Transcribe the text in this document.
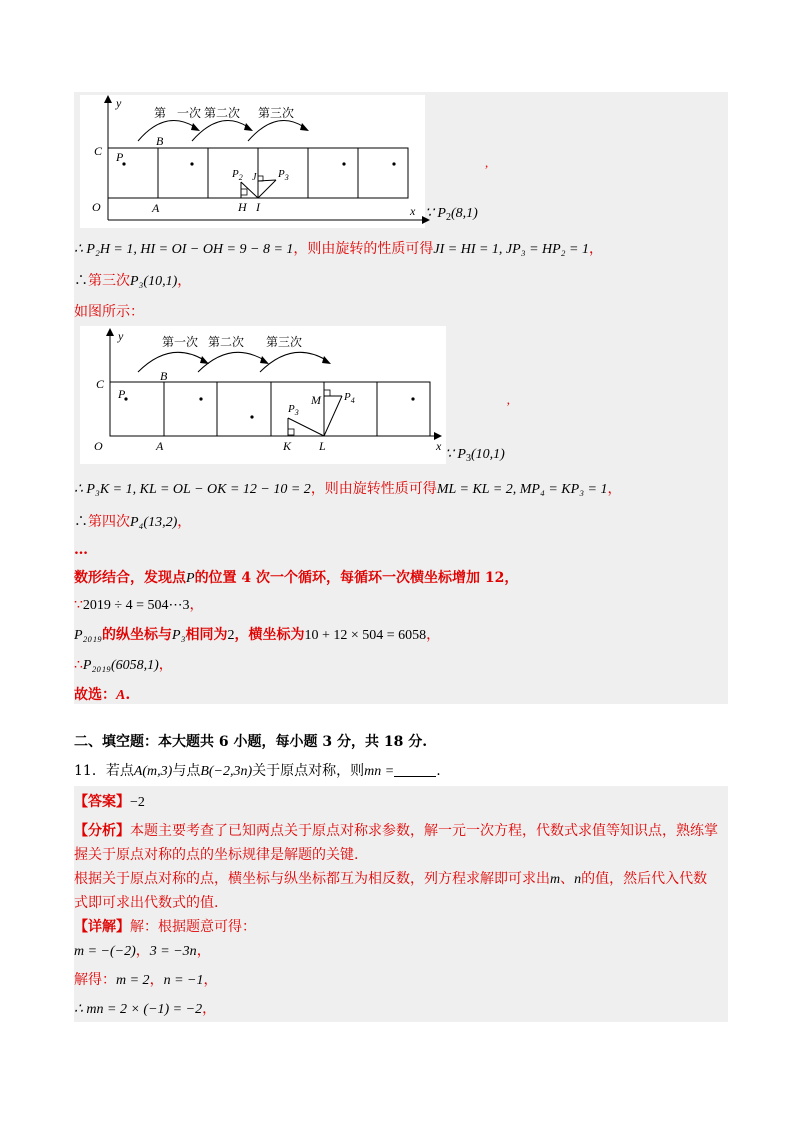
y
x
O
第 一次 第二次 第三次
C
B
A
P
$P_2$	$P_3$
J
H I
,
∵ $P_2(8,1)$
∴ P₂H = 1, HI = OI − OH = 9 − 8 = 1，则由旋转的性质可得JI = HI = 1, JP₃ = HP₂ = 1，
∴第三次P₃(10,1)，
如图所示：
y
x
O
第一次 第二次 第三次
C
B
A
P
$P_3$
$P_4$
M
K L
,
∵ $P_3(10,1)$
∴ P₃K = 1, KL = OL − OK = 12 − 10 = 2，则由旋转性质可得ML = KL = 2, MP₄ = KP₃ = 1，
∴第四次P₄(13,2)，
…
数形结合，发现点P的位置 4 次一个循环，每循环一次横坐标增加 12，
∵2019 ÷ 4 = 504⋯3，
P₂₀₁₉的纵坐标与P₃相同为2，横坐标为10 + 12 × 504 = 6058，
∴P₂₀₁₉(6058,1)，
故选：A.
二、填空题：本大题共 6 小题，每小题 3 分，共 18 分.
11．若点A(m,3)与点B(−2,3n)关于原点对称，则mn =	.
【答案】−2
【分析】本题主要考查了已知两点关于原点对称求参数，解一元一次方程，代数式求值等知识点，熟练掌
握关于原点对称的点的坐标规律是解题的关键.
根据关于原点对称的点，横坐标与纵坐标都互为相反数，列方程求解即可求出m、n的值，然后代入代数
式即可求出代数式的值.
【详解】解：根据题意可得：
m = −(−2)，3 = −3n，
解得：m = 2，n = −1，
∴ mn = 2 × (−1) = −2，
